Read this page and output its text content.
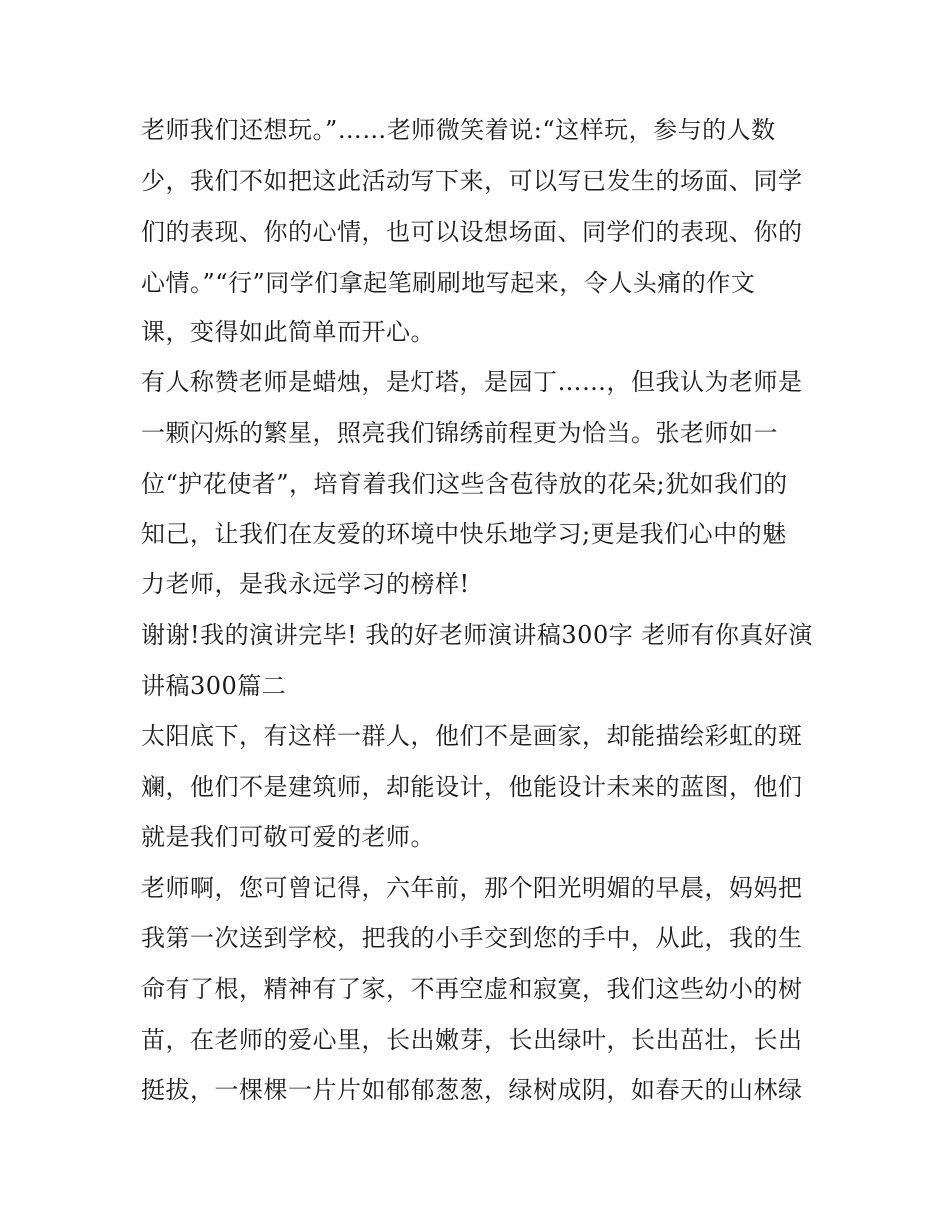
老师我们还想玩。”……老师微笑着说:“这样玩，参与的人数
少，我们不如把这此活动写下来，可以写已发生的场面、同学
们的表现、你的心情，也可以设想场面、同学们的表现、你的
心情。”“行”同学们拿起笔刷刷地写起来，令人头痛的作文
课，变得如此简单而开心。
有人称赞老师是蜡烛，是灯塔，是园丁……，但我认为老师是
一颗闪烁的繁星，照亮我们锦绣前程更为恰当。张老师如一
位“护花使者”，培育着我们这些含苞待放的花朵;犹如我们的
知己，让我们在友爱的环境中快乐地学习;更是我们心中的魅
力老师，是我永远学习的榜样!
谢谢!我的演讲完毕! 我的好老师演讲稿300字 老师有你真好演
讲稿300篇二
太阳底下，有这样一群人，他们不是画家，却能描绘彩虹的斑
斓，他们不是建筑师，却能设计，他能设计未来的蓝图，他们
就是我们可敬可爱的老师。
老师啊，您可曾记得，六年前，那个阳光明媚的早晨，妈妈把
我第一次送到学校，把我的小手交到您的手中，从此，我的生
命有了根，精神有了家，不再空虚和寂寞，我们这些幼小的树
苗，在老师的爱心里，长出嫩芽，长出绿叶，长出茁壮，长出
挺拔，一棵棵一片片如郁郁葱葱，绿树成阴，如春天的山林绿
